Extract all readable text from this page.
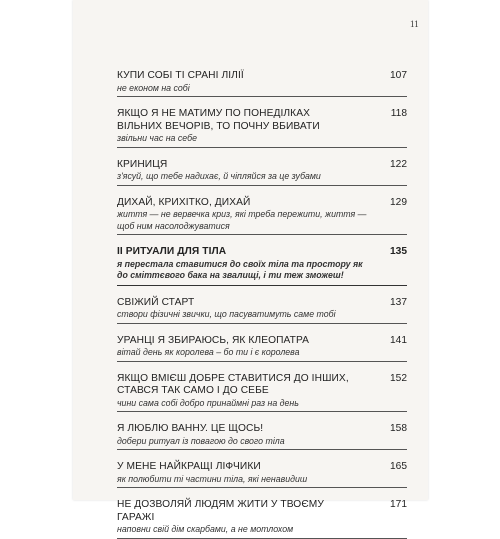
11
КУПИ СОБІ ТІ СРАНІ ЛІЛІЇ	107
не економ на собі
ЯКЩО Я НЕ МАТИМУ ПО ПОНЕДІЛКАХ ВІЛЬНИХ ВЕЧОРІВ, ТО ПОЧНУ ВБИВАТИ
118
звільни час на себе
КРИНИЦЯ	122
з'ясуй, що тебе надихає, й чіпляйся за це зубами
ДИХАЙ, КРИХІТКО, ДИХАЙ	129
життя — не вервечка криз, які треба пережити, життя — щоб ним насолоджуватися
II РИТУАЛИ ДЛЯ ТІЛА	135
я перестала ставитися до своїх тіла та простору як до сміттєвого бака на звалищі, і ти теж зможеш!
СВІЖИЙ СТАРТ	137
створи фізичні звички, що пасуватимуть саме тобі
УРАНЦІ Я ЗБИРАЮСЬ, ЯК КЛЕОПАТРА	141
вітай день як королева – бо ти і є королева
ЯКЩО ВМІЄШ ДОБРЕ СТАВИТИСЯ ДО ІНШИХ, СТАВСЯ ТАК САМО І ДО СЕБЕ
152
чини сама собі добро принаймні раз на день
Я ЛЮБЛЮ ВАННУ. ЦЕ ЩОСЬ!	158
добери ритуал із повагою до свого тіла
У МЕНЕ НАЙКРАЩІ ЛІФЧИКИ	165
як полюбити ті частини тіла, які ненавидиш
НЕ ДОЗВОЛЯЙ ЛЮДЯМ ЖИТИ У ТВОЄМУ ГАРАЖІ
171
наповни свій дім скарбами, а не мотлохом
